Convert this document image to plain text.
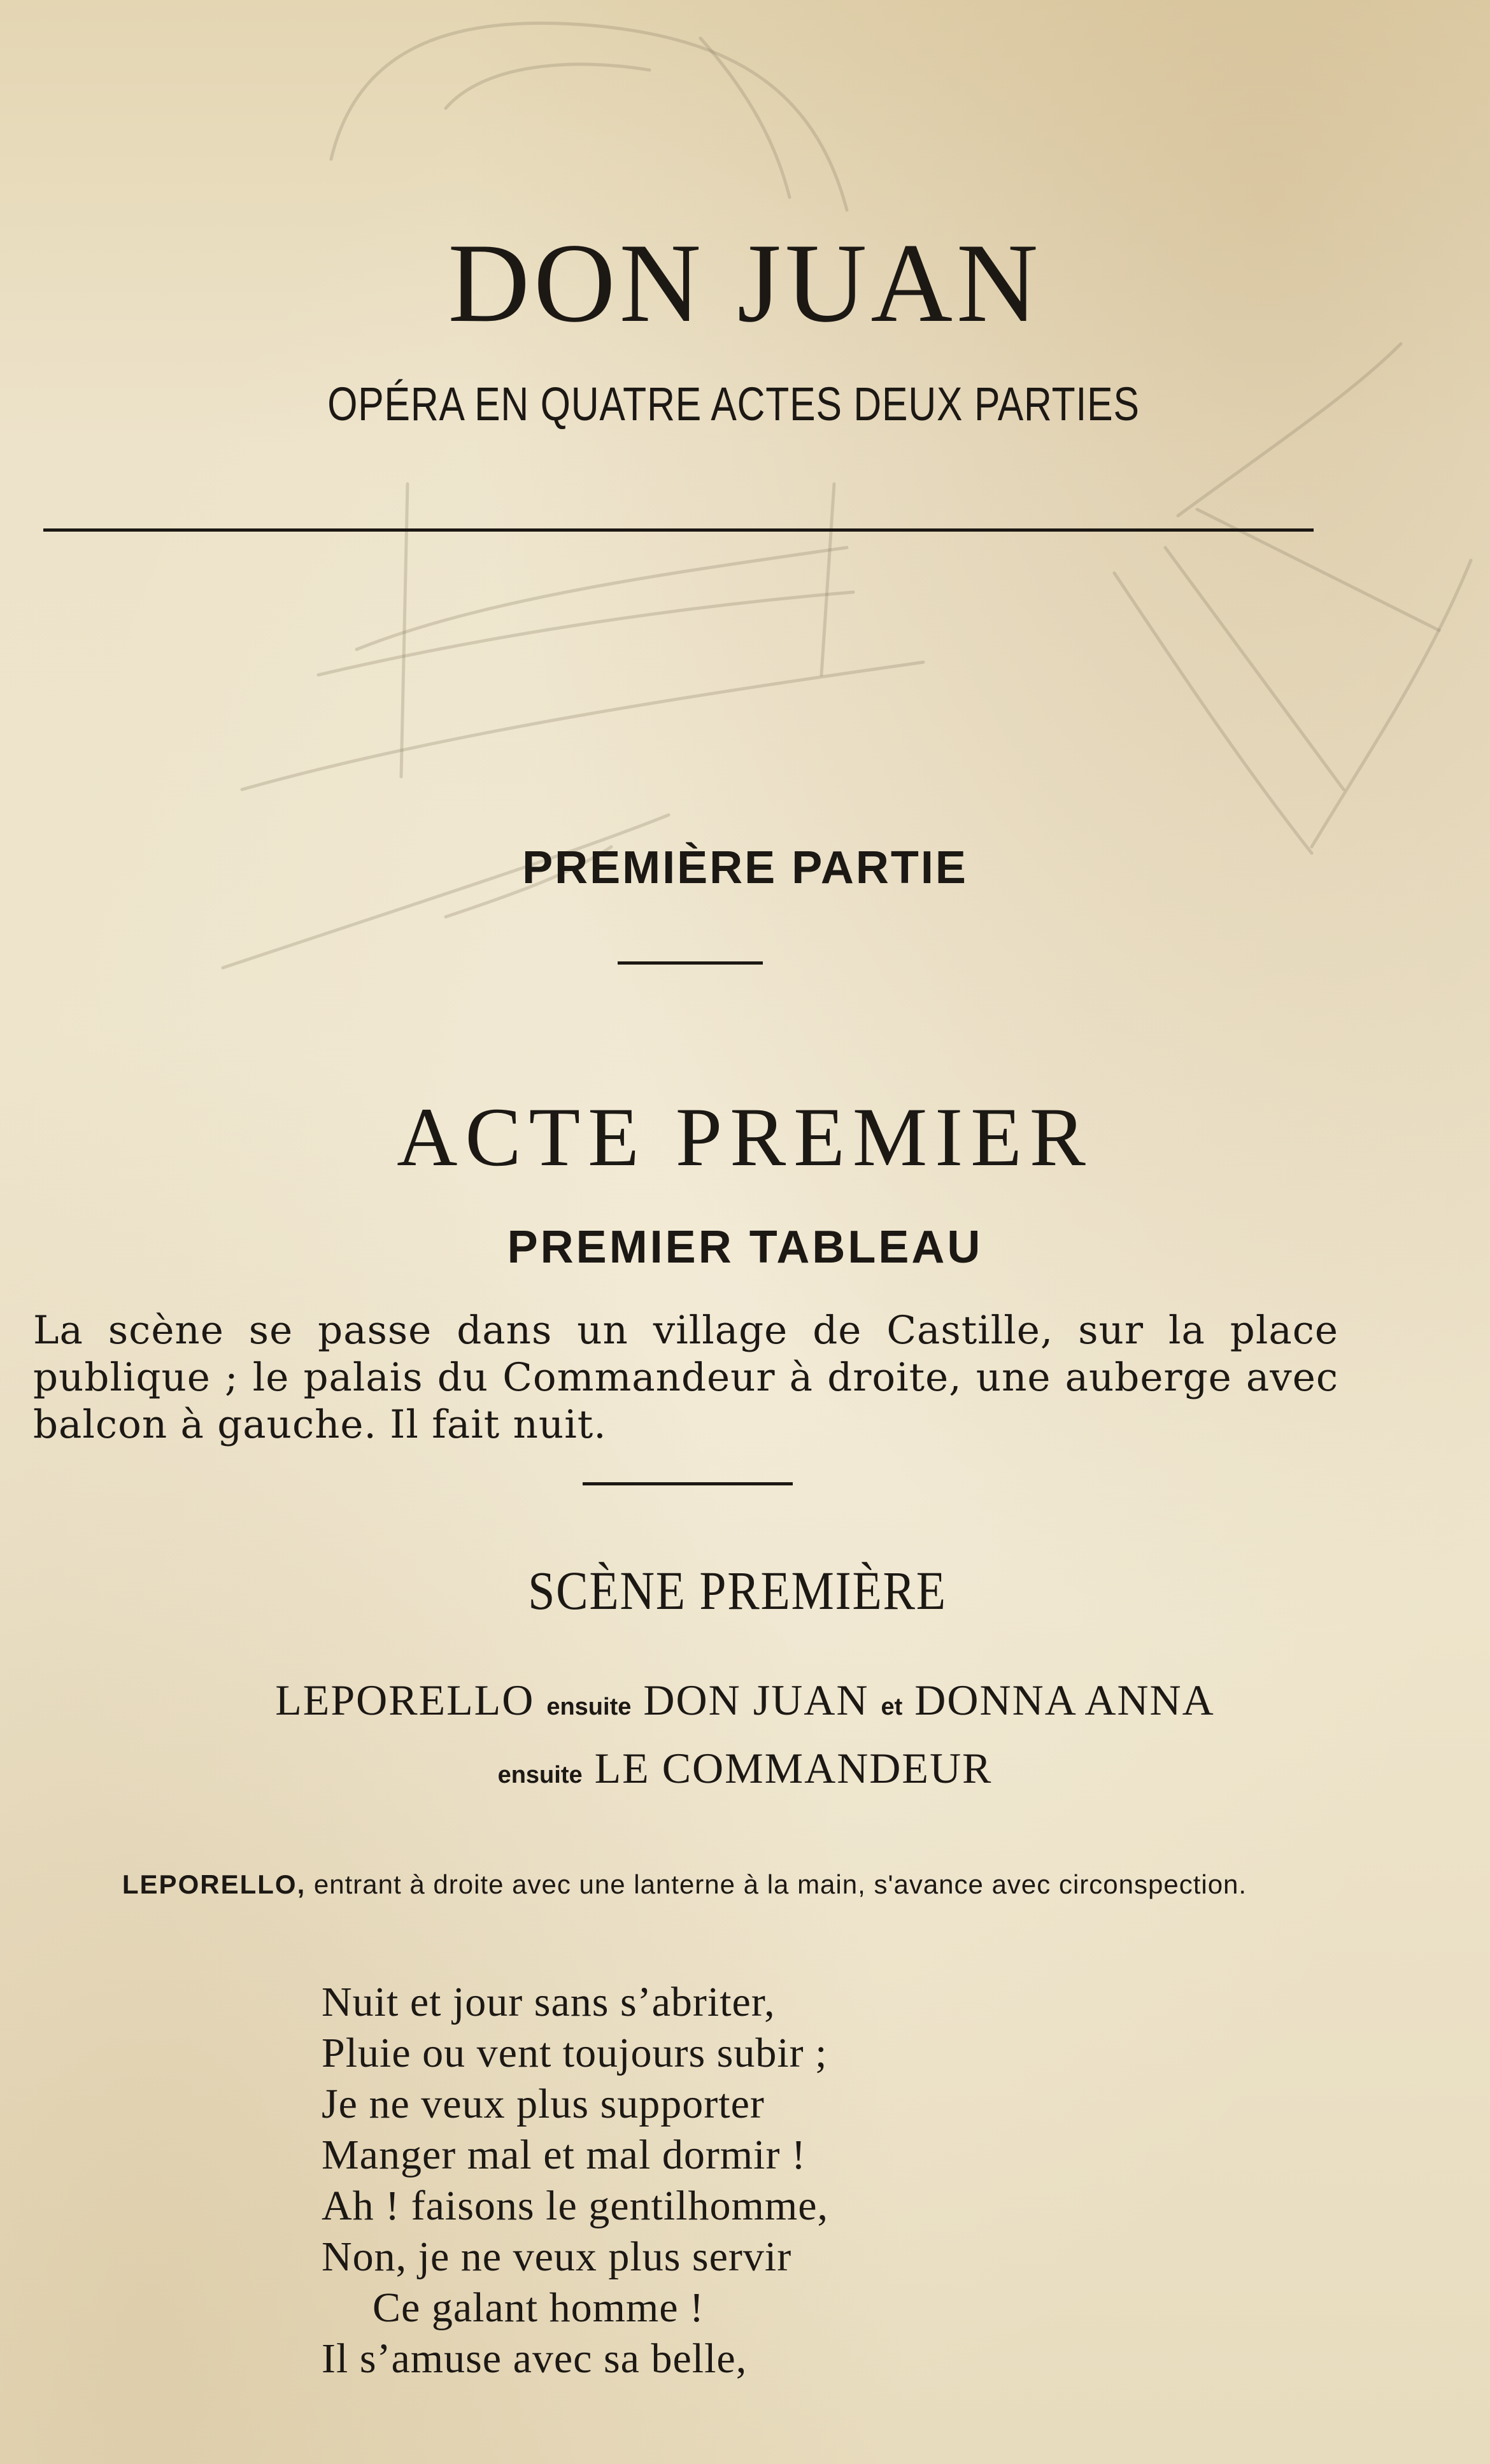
DON JUAN
OPÉRA EN QUATRE ACTES DEUX PARTIES
PREMIÈRE PARTIE
ACTE PREMIER
PREMIER TABLEAU

La scène se passe dans un village de Castille, sur la place publique ; le palais du Commandeur à droite, une auberge avec balcon à gauche. Il fait nuit.

SCÈNE PREMIÈRE
LEPORELLO ensuite DON JUAN et DONNA ANNA
ensuite LE COMMANDEUR
LEPORELLO, entrant à droite avec une lanterne à la main, s'avance avec circonspection.
Nuit et jour sans s’abriter,
Pluie ou vent toujours subir ;
Je ne veux plus supporter
Manger mal et mal dormir !
Ah ! faisons le gentilhomme,
Non, je ne veux plus servir
Ce galant homme !
Il s’amuse avec sa belle,
